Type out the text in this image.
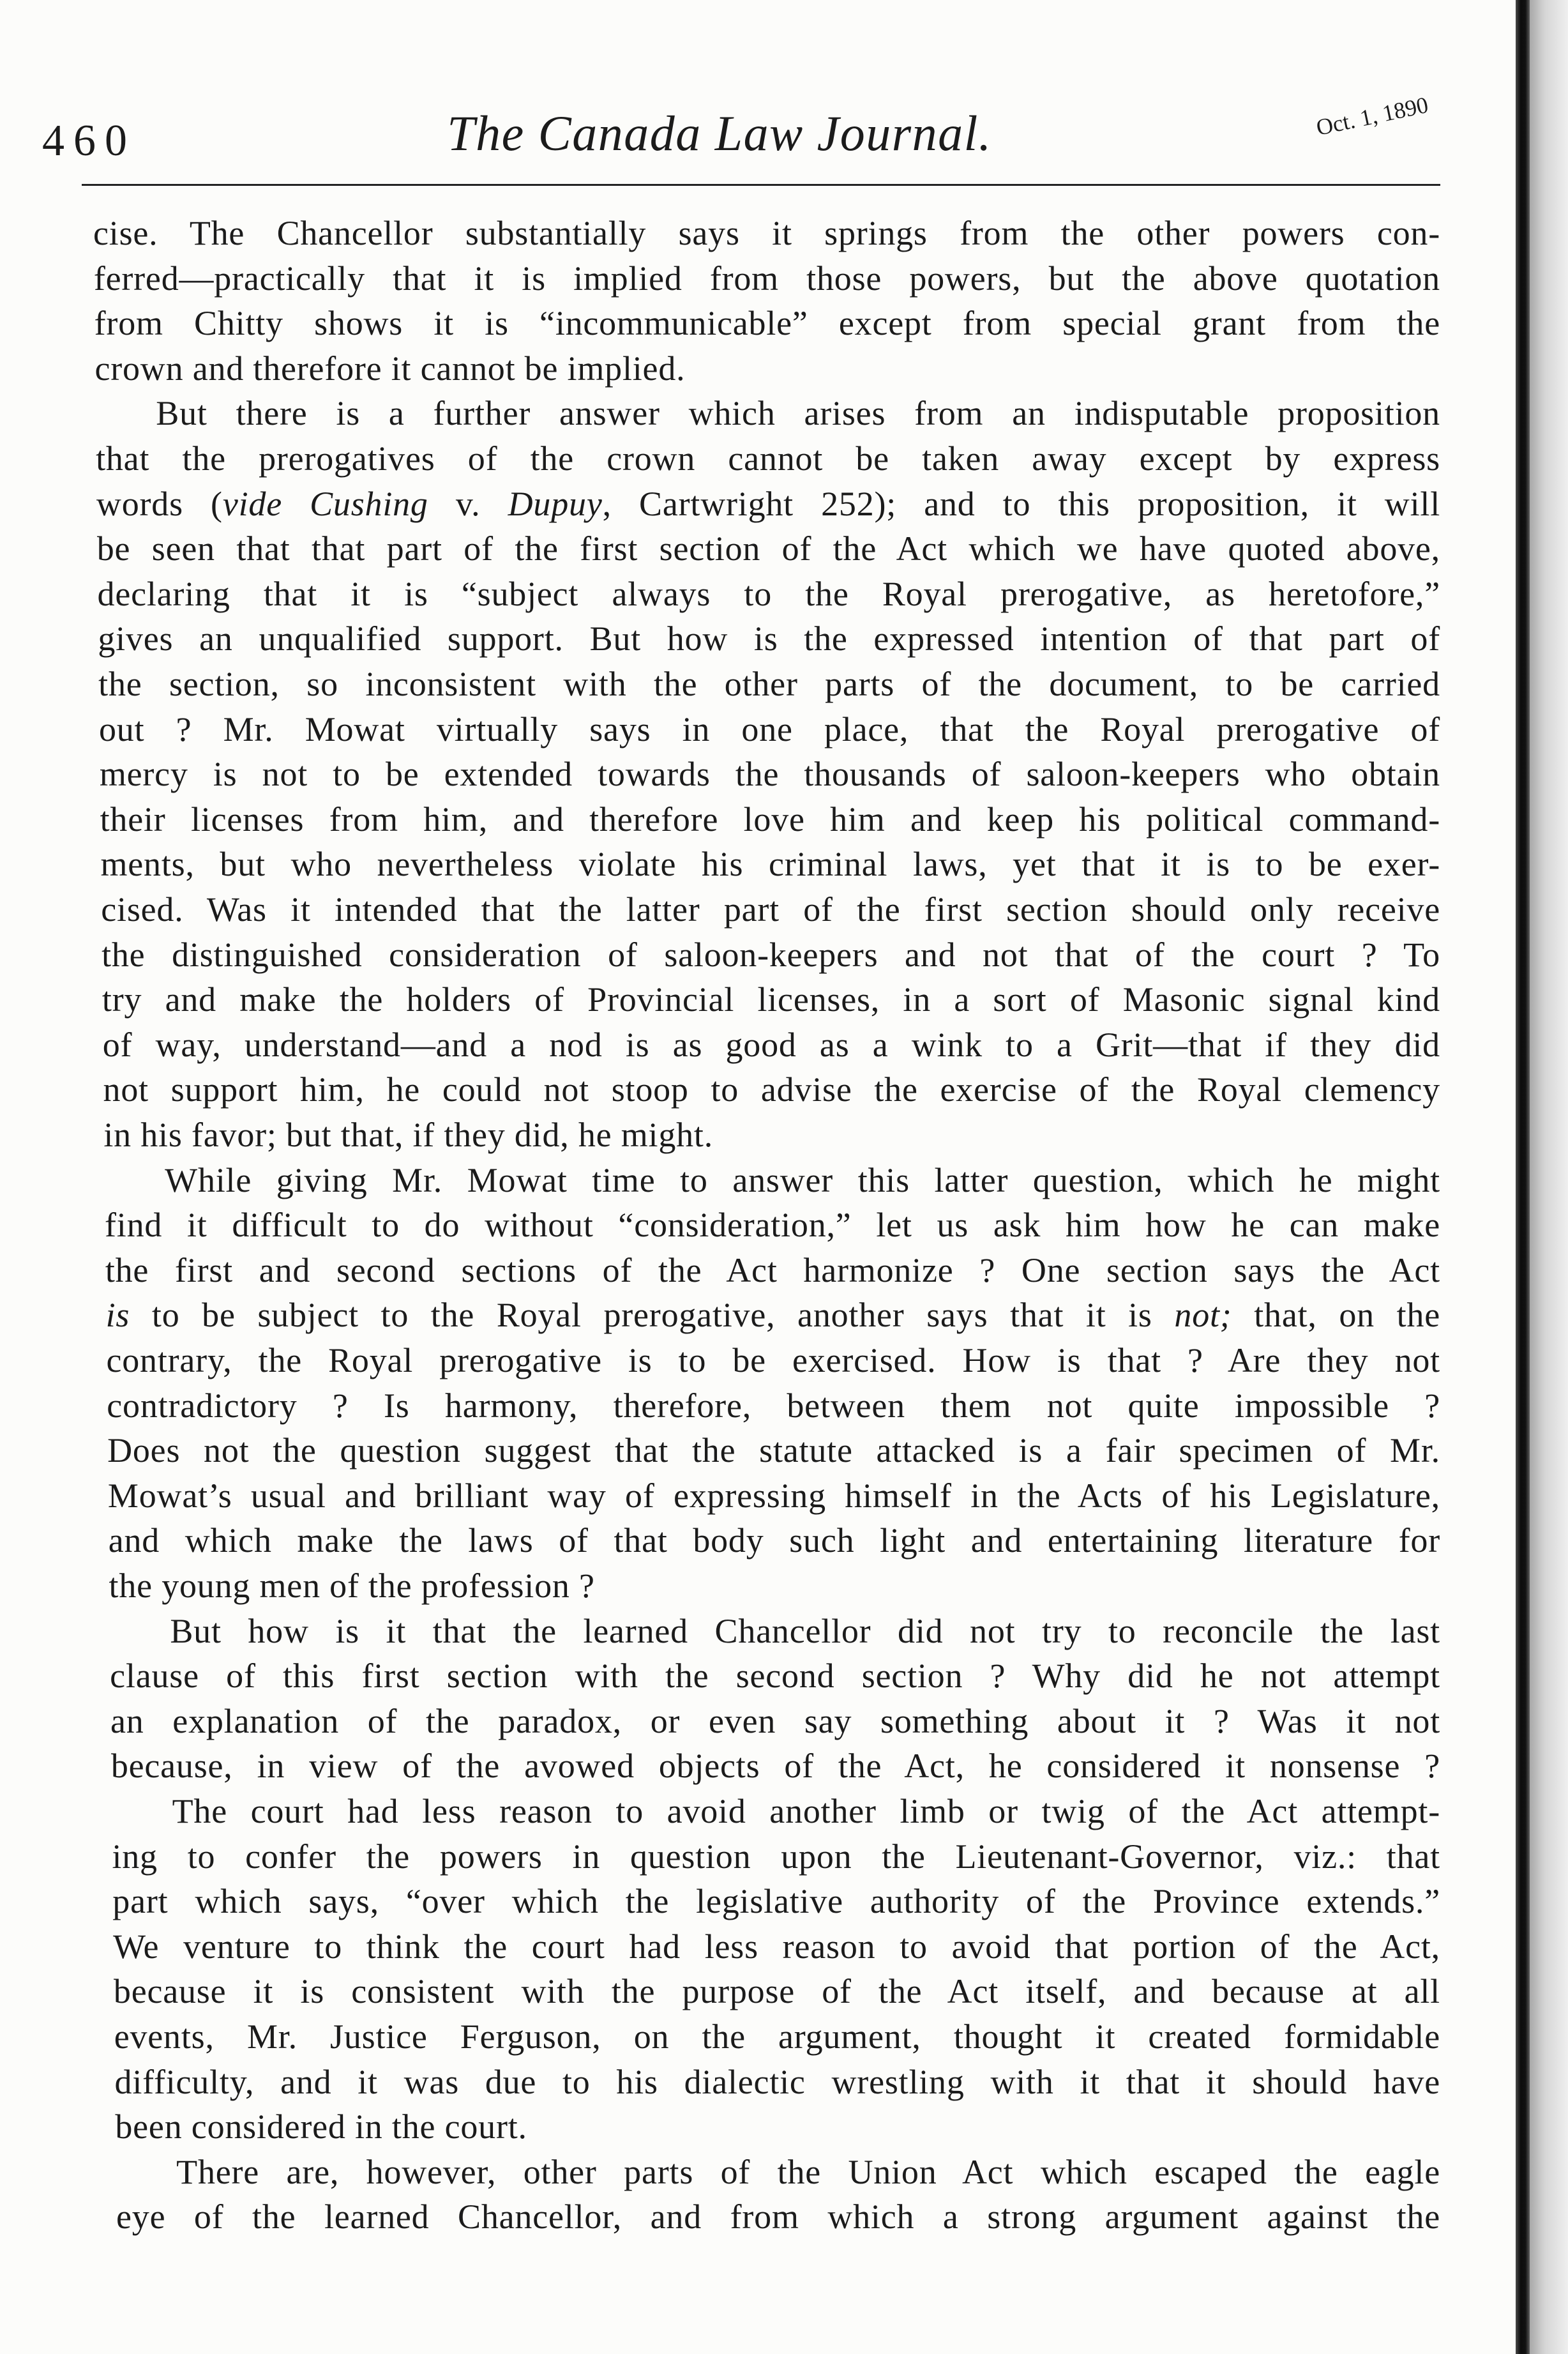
460	The Canada Law Journal.	Oct. 1, 1890
cise. The Chancellor substantially says it springs from the other powers con-
ferred—practically that it is implied from those powers, but the above quotation
from Chitty shows it is “incommunicable” except from special grant from the
crown and therefore it cannot be implied.
But there is a further answer which arises from an indisputable proposition
that the prerogatives of the crown cannot be taken away except by express
words (vide Cushing v. Dupuy, Cartwright 252); and to this proposition, it will
be seen that that part of the first section of the Act which we have quoted above,
declaring that it is “subject always to the Royal prerogative, as heretofore,”
gives an unqualified support. But how is the expressed intention of that part of
the section, so inconsistent with the other parts of the document, to be carried
out ? Mr. Mowat virtually says in one place, that the Royal prerogative of
mercy is not to be extended towards the thousands of saloon-keepers who obtain
their licenses from him, and therefore love him and keep his political command-
ments, but who nevertheless violate his criminal laws, yet that it is to be exer-
cised. Was it intended that the latter part of the first section should only receive
the distinguished consideration of saloon-keepers and not that of the court ? To
try and make the holders of Provincial licenses, in a sort of Masonic signal kind
of way, understand—and a nod is as good as a wink to a Grit—that if they did
not support him, he could not stoop to advise the exercise of the Royal clemency
in his favor; but that, if they did, he might.
While giving Mr. Mowat time to answer this latter question, which he might
find it difficult to do without “consideration,” let us ask him how he can make
the first and second sections of the Act harmonize ? One section says the Act
is to be subject to the Royal prerogative, another says that it is not; that, on the
contrary, the Royal prerogative is to be exercised. How is that ? Are they not
contradictory ? Is harmony, therefore, between them not quite impossible ?
Does not the question suggest that the statute attacked is a fair specimen of Mr.
Mowat’s usual and brilliant way of expressing himself in the Acts of his Legislature,
and which make the laws of that body such light and entertaining literature for
the young men of the profession ?
But how is it that the learned Chancellor did not try to reconcile the last
clause of this first section with the second section ? Why did he not attempt
an explanation of the paradox, or even say something about it ? Was it not
because, in view of the avowed objects of the Act, he considered it nonsense ?
The court had less reason to avoid another limb or twig of the Act attempt-
ing to confer the powers in question upon the Lieutenant-Governor, viz.: that
part which says, “over which the legislative authority of the Province extends.”
We venture to think the court had less reason to avoid that portion of the Act,
because it is consistent with the purpose of the Act itself, and because at all
events, Mr. Justice Ferguson, on the argument, thought it created formidable
difficulty, and it was due to his dialectic wrestling with it that it should have
been considered in the court.
There are, however, other parts of the Union Act which escaped the eagle
eye of the learned Chancellor, and from which a strong argument against the
